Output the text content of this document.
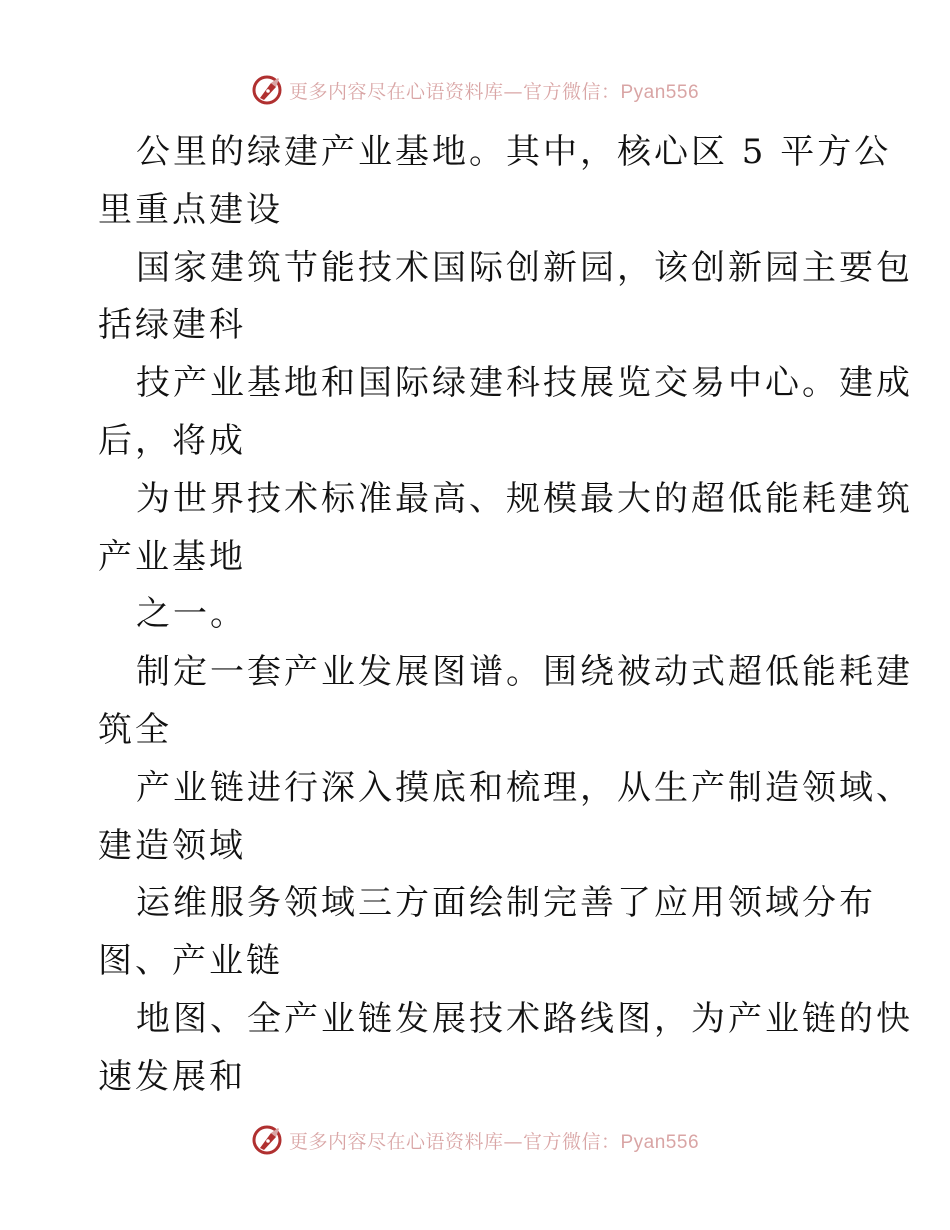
更多内容尽在心语资料库—官方微信：Pyan556
公里的绿建产业基地。其中，核心区 5 平方公
里重点建设
国家建筑节能技术国际创新园，该创新园主要包
括绿建科
技产业基地和国际绿建科技展览交易中心。建成
后，将成
为世界技术标准最高、规模最大的超低能耗建筑
产业基地
之一。
制定一套产业发展图谱。围绕被动式超低能耗建
筑全
产业链进行深入摸底和梳理，从生产制造领域、
建造领域
运维服务领域三方面绘制完善了应用领域分布
图、产业链
地图、全产业链发展技术路线图，为产业链的快
速发展和
更多内容尽在心语资料库—官方微信：Pyan556
